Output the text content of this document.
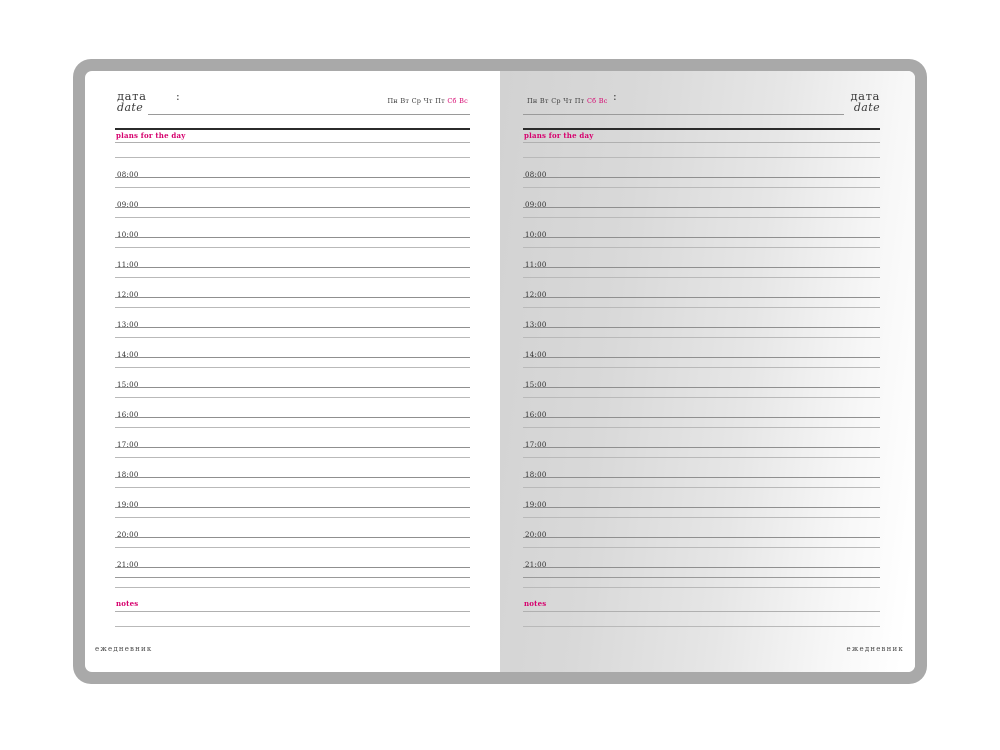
дата
date
:	Пн Вт Ср Чт Пт Сб Вс
plans for the day
08:00
09:00
10:00
11:00
12:00
13:00
14:00
15:00
16:00
17:00
18:00
19:00
20:00
21:00
notes
Пн Вт Ср Чт Пт Сб Вс :	дата
date
plans for the day
08:00
09:00
10:00
11:00
12:00
13:00
14:00
15:00
16:00
17:00
18:00
19:00
20:00
21:00
notes
ежедневник	ежедневник
